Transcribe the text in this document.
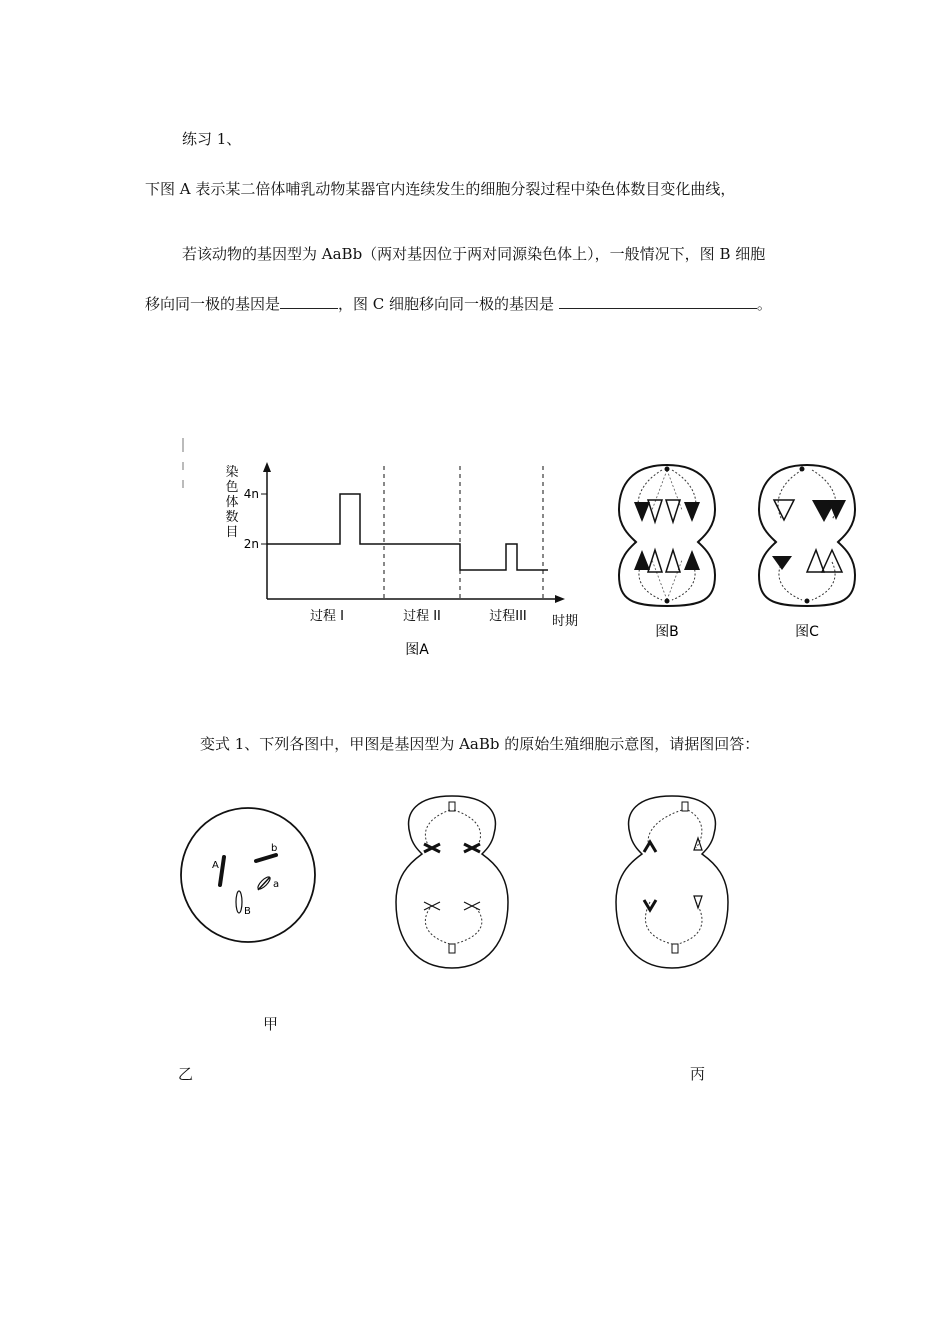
练习 1、
下图 A 表示某二倍体哺乳动物某器官内连续发生的细胞分裂过程中染色体数目变化曲线，
若该动物的基因型为 AaBb（两对基因位于两对同源染色体上），一般情况下，图 B 细胞
移向同一极的基因是	，图 C 细胞移向同一极的基因是	。
染
色
体
数
目
4n
2n
过程 I	过程 II	过程III 时期
图A
图B	图C
变式 1、下列各图中，甲图是基因型为 AaBb 的原始生殖细胞示意图，请据图回答：
A
b
a
B
甲
乙	丙
